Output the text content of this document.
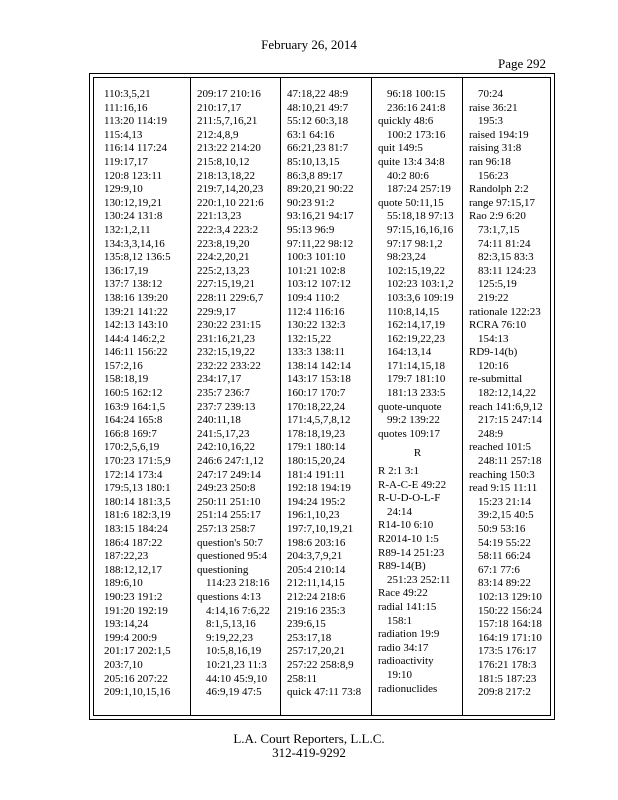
February 26, 2014
Page 292
110:3,5,21
111:16,16
113:20 114:19
115:4,13
116:14 117:24
119:17,17
120:8 123:11
129:9,10
130:12,19,21
130:24 131:8
132:1,2,11
134:3,3,14,16
135:8,12 136:5
136:17,19
137:7 138:12
138:16 139:20
139:21 141:22
142:13 143:10
144:4 146:2,2
146:11 156:22
157:2,16
158:18,19
160:5 162:12
163:9 164:1,5
164:24 165:8
166:8 169:7
170:2,5,6,19
170:23 171:5,9
172:14 173:4
179:5,13 180:1
180:14 181:3,5
181:6 182:3,19
183:15 184:24
186:4 187:22
187:22,23
188:12,12,17
189:6,10
190:23 191:2
191:20 192:19
193:14,24
199:4 200:9
201:17 202:1,5
203:7,10
205:16 207:22
209:1,10,15,16
209:17 210:16
210:17,17
211:5,7,16,21
212:4,8,9
213:22 214:20
215:8,10,12
218:13,18,22
219:7,14,20,23
220:1,10 221:6
221:13,23
222:3,4 223:2
223:8,19,20
224:2,20,21
225:2,13,23
227:15,19,21
228:11 229:6,7
229:9,17
230:22 231:15
231:16,21,23
232:15,19,22
232:22 233:22
234:17,17
235:7 236:7
237:7 239:13
240:11,18
241:5,17,23
242:10,16,22
246:6 247:1,12
247:17 249:14
249:23 250:8
250:11 251:10
251:14 255:17
257:13 258:7
question's 50:7
questioned 95:4
questioning
114:23 218:16
questions 4:13
4:14,16 7:6,22
8:1,5,13,16
9:19,22,23
10:5,8,16,19
10:21,23 11:3
44:10 45:9,10
46:9,19 47:5
47:18,22 48:9
48:10,21 49:7
55:12 60:3,18
63:1 64:16
66:21,23 81:7
85:10,13,15
86:3,8 89:17
89:20,21 90:22
90:23 91:2
93:16,21 94:17
95:13 96:9
97:11,22 98:12
100:3 101:10
101:21 102:8
103:12 107:12
109:4 110:2
112:4 116:16
130:22 132:3
132:15,22
133:3 138:11
138:14 142:14
143:17 153:18
160:17 170:7
170:18,22,24
171:4,5,7,8,12
178:18,19,23
179:1 180:14
180:15,20,24
181:4 191:11
192:18 194:19
194:24 195:2
196:1,10,23
197:7,10,19,21
198:6 203:16
204:3,7,9,21
205:4 210:14
212:11,14,15
212:24 218:6
219:16 235:3
239:6,15
253:17,18
257:17,20,21
257:22 258:8,9
258:11
quick 47:11 73:8
96:18 100:15
236:16 241:8
quickly 48:6
100:2 173:16
quit 149:5
quite 13:4 34:8
40:2 80:6
187:24 257:19
quote 50:11,15
55:18,18 97:13
97:15,16,16,16
97:17 98:1,2
98:23,24
102:15,19,22
102:23 103:1,2
103:3,6 109:19
110:8,14,15
162:14,17,19
162:19,22,23
164:13,14
171:14,15,18
179:7 181:10
181:13 233:5
quote-unquote
99:2 139:22
quotes 109:17
R
R 2:1 3:1
R-A-C-E 49:22
R-U-D-O-L-F
24:14
R14-10 6:10
R2014-10 1:5
R89-14 251:23
R89-14(B)
251:23 252:11
Race 49:22
radial 141:15
158:1
radiation 19:9
radio 34:17
radioactivity
19:10
radionuclides
70:24
raise 36:21
195:3
raised 194:19
raising 31:8
ran 96:18
156:23
Randolph 2:2
range 97:15,17
Rao 2:9 6:20
73:1,7,15
74:11 81:24
82:3,15 83:3
83:11 124:23
125:5,19
219:22
rationale 122:23
RCRA 76:10
154:13
RD9-14(b)
120:16
re-submittal
182:12,14,22
reach 141:6,9,12
217:15 247:14
248:9
reached 101:5
248:11 257:18
reaching 150:3
read 9:15 11:11
15:23 21:14
39:2,15 40:5
50:9 53:16
54:19 55:22
58:11 66:24
67:1 77:6
83:14 89:22
102:13 129:10
150:22 156:24
157:18 164:18
164:19 171:10
173:5 176:17
176:21 178:3
181:5 187:23
209:8 217:2
L.A. Court Reporters, L.L.C.
312-419-9292
